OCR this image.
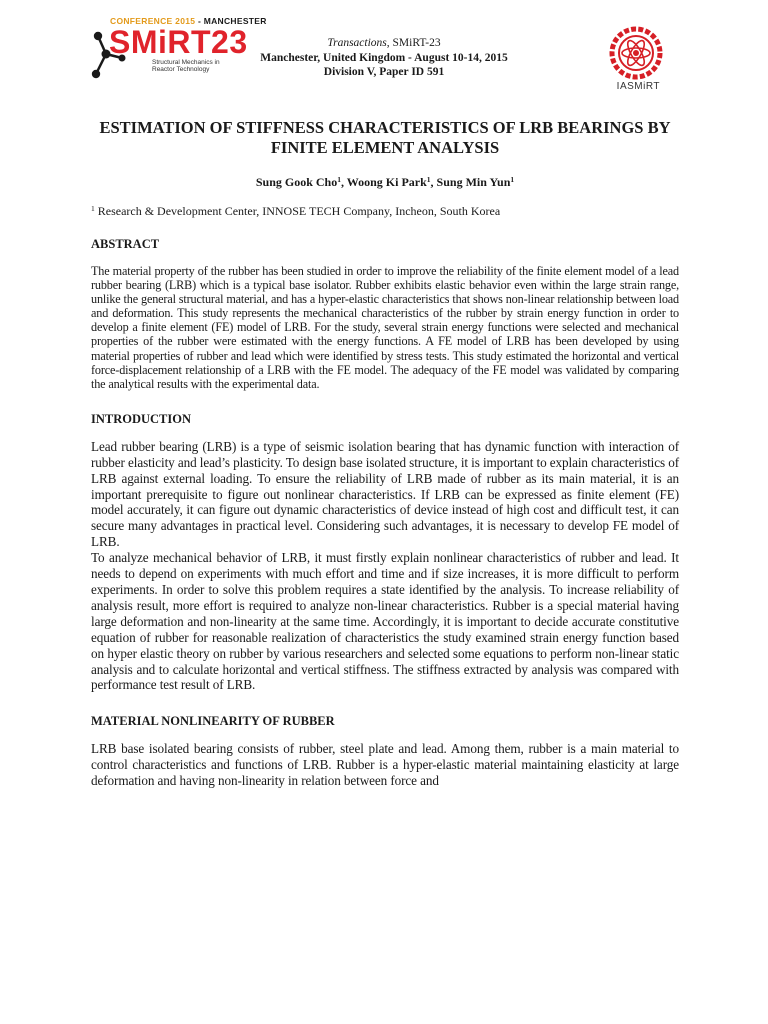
CONFERENCE 2015 - MANCHESTER
SMiRT23
Structural Mechanics in
Reactor Technology
Transactions, SMiRT-23
Manchester, United Kingdom - August 10-14, 2015
Division V, Paper ID 591
IASMiRT
ESTIMATION OF STIFFNESS CHARACTERISTICS OF LRB BEARINGS BY FINITE ELEMENT ANALYSIS
Sung Gook Cho$^1$, Woong Ki Park$^1$, Sung Min Yun$^1$
$^1$ Research & Development Center, INNOSE TECH Company, Incheon, South Korea
ABSTRACT

The material property of the rubber has been studied in order to improve the reliability of the finite element model of a lead rubber bearing (LRB) which is a typical base isolator. Rubber exhibits elastic behavior even within the large strain range, unlike the general structural material, and has a hyper-elastic characteristics that shows non-linear relationship between load and deformation. This study represents the mechanical characteristics of the rubber by strain energy function in order to develop a finite element (FE) model of LRB. For the study, several strain energy functions were selected and mechanical properties of the rubber were estimated with the energy functions. A FE model of LRB has been developed by using material properties of rubber and lead which were identified by stress tests. This study estimated the horizontal and vertical force-displacement relationship of a LRB with the FE model. The adequacy of the FE model was validated by comparing the analytical results with the experimental data.

INTRODUCTION

Lead rubber bearing (LRB) is a type of seismic isolation bearing that has dynamic function with interaction of rubber elasticity and lead’s plasticity. To design base isolated structure, it is important to explain characteristics of LRB against external loading. To ensure the reliability of LRB made of rubber as its main material, it is an important prerequisite to figure out nonlinear characteristics. If LRB can be expressed as finite element (FE) model accurately, it can figure out dynamic characteristics of device instead of high cost and difficult test, it can secure many advantages in practical level. Considering such advantages, it is necessary to develop FE model of LRB.

To analyze mechanical behavior of LRB, it must firstly explain nonlinear characteristics of rubber and lead. It needs to depend on experiments with much effort and time and if size increases, it is more difficult to perform experiments. In order to solve this problem requires a state identified by the analysis. To increase reliability of analysis result, more effort is required to analyze non-linear characteristics. Rubber is a special material having large deformation and non-linearity at the same time. Accordingly, it is important to decide accurate constitutive equation of rubber for reasonable realization of characteristics the study examined strain energy function based on hyper elastic theory on rubber by various researchers and selected some equations to perform non-linear static analysis and to calculate horizontal and vertical stiffness. The stiffness extracted by analysis was compared with performance test result of LRB.

MATERIAL NONLINEARITY OF RUBBER

LRB base isolated bearing consists of rubber, steel plate and lead. Among them, rubber is a main material to control characteristics and functions of LRB. Rubber is a hyper-elastic material maintaining elasticity at large deformation and having non-linearity in relation between force and
